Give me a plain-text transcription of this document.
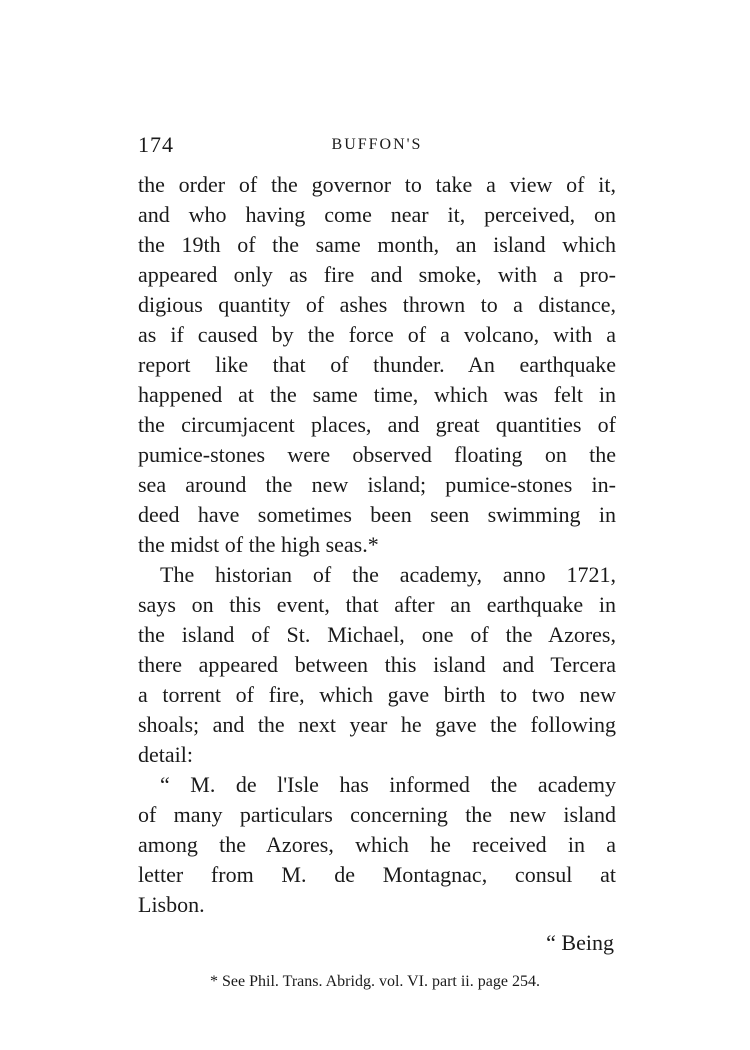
174	BUFFON'S
the order of the governor to take a view of it,
and who having come near it, perceived, on
the 19th of the same month, an island which
appeared only as fire and smoke, with a pro-
digious quantity of ashes thrown to a distance,
as if caused by the force of a volcano, with a
report like that of thunder. An earthquake
happened at the same time, which was felt in
the circumjacent places, and great quantities of
pumice-stones were observed floating on the
sea around the new island; pumice-stones in-
deed have sometimes been seen swimming in
the midst of the high seas.*
The historian of the academy, anno 1721,
says on this event, that after an earthquake in
the island of St. Michael, one of the Azores,
there appeared between this island and Tercera
a torrent of fire, which gave birth to two new
shoals; and the next year he gave the following
detail:
“ M. de l'Isle has informed the academy
of many particulars concerning the new island
among the Azores, which he received in a
letter from M. de Montagnac, consul at
Lisbon.
“ Being
* See Phil. Trans. Abridg. vol. VI. part ii. page 254.
